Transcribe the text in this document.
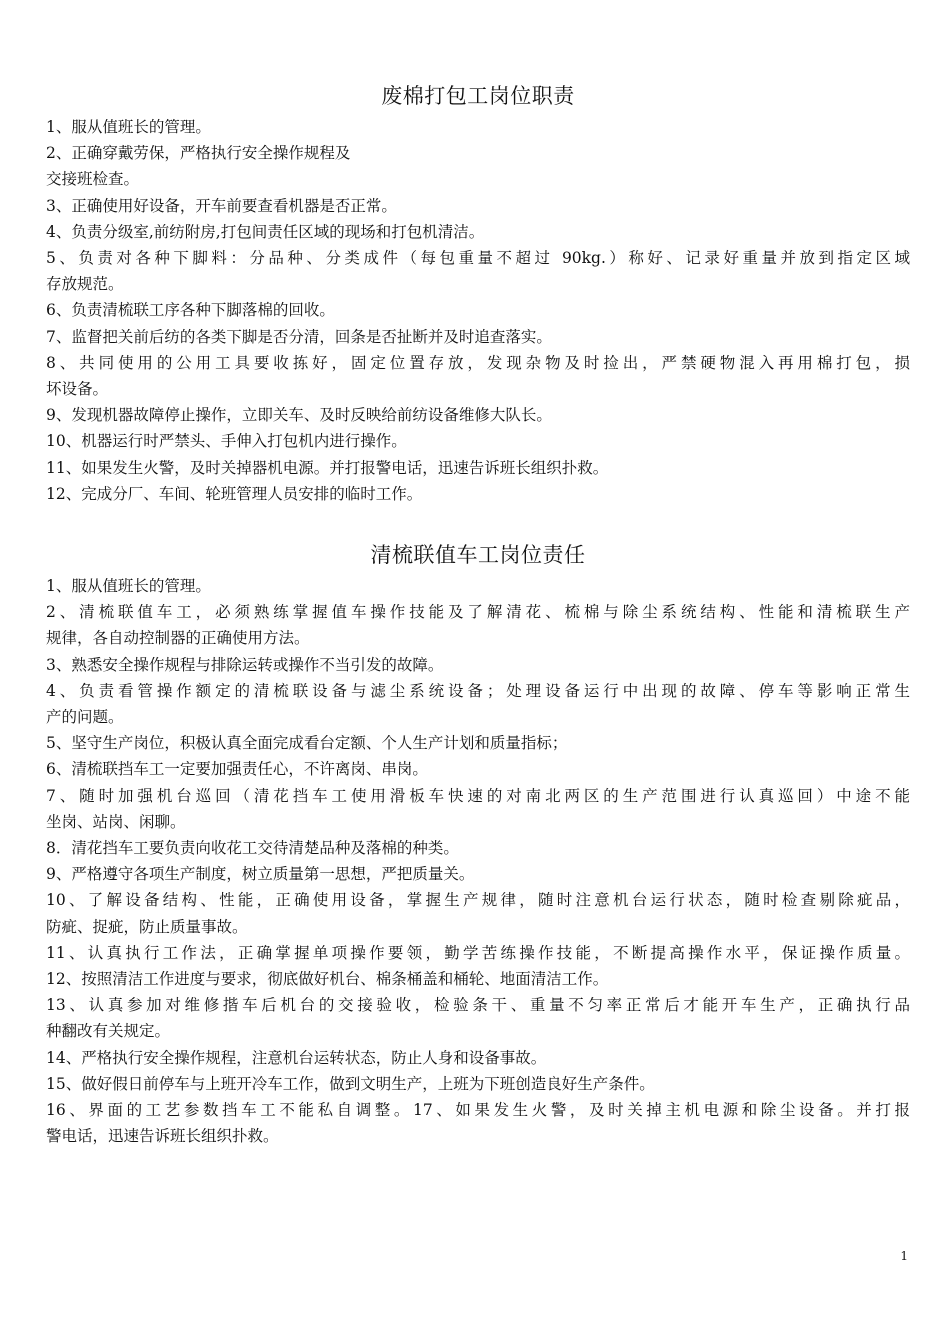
废棉打包工岗位职责
1、服从值班长的管理。
2、正确穿戴劳保，严格执行安全操作规程及
交接班检查。
3、正确使用好设备，开车前要查看机器是否正常。
4、负责分级室,前纺附房,打包间责任区域的现场和打包机清洁。
5、负责对各种下脚料：分品种、分类成件（每包重量不超过 90kg.）称好、记录好重量并放到指定区域
存放规范。
6、负责清梳联工序各种下脚落棉的回收。
7、监督把关前后纺的各类下脚是否分清，回条是否扯断并及时追查落实。
8、共同使用的公用工具要收拣好，固定位置存放，发现杂物及时捡出，严禁硬物混入再用棉打包，损
坏设备。
9、发现机器故障停止操作，立即关车、及时反映给前纺设备维修大队长。
10、机器运行时严禁头、手伸入打包机内进行操作。
11、如果发生火警，及时关掉器机电源。并打报警电话，迅速告诉班长组织扑救。
12、完成分厂、车间、轮班管理人员安排的临时工作。
清梳联值车工岗位责任
1、服从值班长的管理。
2、清梳联值车工，必须熟练掌握值车操作技能及了解清花、梳棉与除尘系统结构、性能和清梳联生产
规律，各自动控制器的正确使用方法。
3、熟悉安全操作规程与排除运转或操作不当引发的故障。
4、负责看管操作额定的清梳联设备与滤尘系统设备；处理设备运行中出现的故障、停车等影响正常生
产的问题。
5、坚守生产岗位，积极认真全面完成看台定额、个人生产计划和质量指标；
6、清梳联挡车工一定要加强责任心，不许离岗、串岗。
7、随时加强机台巡回（清花挡车工使用滑板车快速的对南北两区的生产范围进行认真巡回）中途不能
坐岗、站岗、闲聊。
8．清花挡车工要负责向收花工交待清楚品种及落棉的种类。
9、严格遵守各项生产制度，树立质量第一思想，严把质量关。
10、了解设备结构、性能，正确使用设备，掌握生产规律，随时注意机台运行状态，随时检查剔除疵品，
防疵、捉疵，防止质量事故。
11、认真执行工作法，正确掌握单项操作要领，勤学苦练操作技能，不断提高操作水平，保证操作质量。
12、按照清洁工作进度与要求，彻底做好机台、棉条桶盖和桶轮、地面清洁工作。
13、认真参加对维修揩车后机台的交接验收，检验条干、重量不匀率正常后才能开车生产，正确执行品
种翻改有关规定。
14、严格执行安全操作规程，注意机台运转状态，防止人身和设备事故。
15、做好假日前停车与上班开冷车工作，做到文明生产，上班为下班创造良好生产条件。
16、界面的工艺参数挡车工不能私自调整。17、如果发生火警，及时关掉主机电源和除尘设备。并打报
警电话，迅速告诉班长组织扑救。
1
